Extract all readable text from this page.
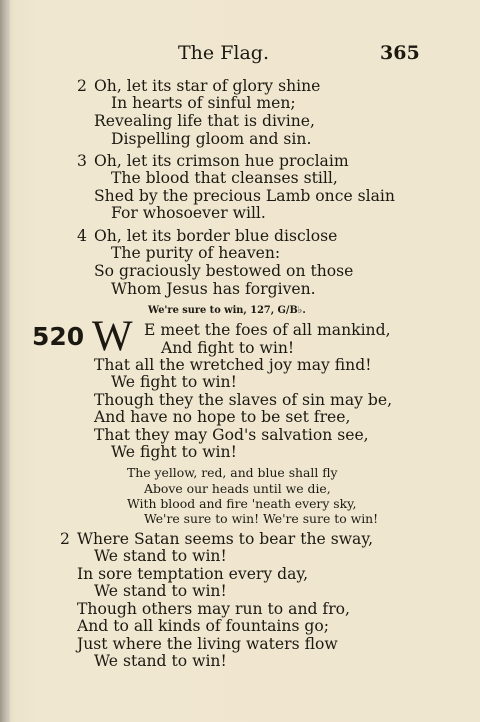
The Flag.	365
2 Oh, let its star of glory shine
In hearts of sinful men;
Revealing life that is divine,
Dispelling gloom and sin.
3 Oh, let its crimson hue proclaim
The blood that cleanses still,
Shed by the precious Lamb once slain
For whosoever will.
4 Oh, let its border blue disclose
The purity of heaven:
So graciously bestowed on those
Whom Jesus has forgiven.
We're sure to win, 127, G/B♭.
520 W E meet the foes of all mankind,
And fight to win!
That all the wretched joy may find!
We fight to win!
Though they the slaves of sin may be,
And have no hope to be set free,
That they may God's salvation see,
We fight to win!
The yellow, red, and blue shall fly
Above our heads until we die,
With blood and fire 'neath every sky,
We're sure to win! We're sure to win!
2 Where Satan seems to bear the sway,
We stand to win!
In sore temptation every day,
We stand to win!
Though others may run to and fro,
And to all kinds of fountains go;
Just where the living waters flow
We stand to win!
